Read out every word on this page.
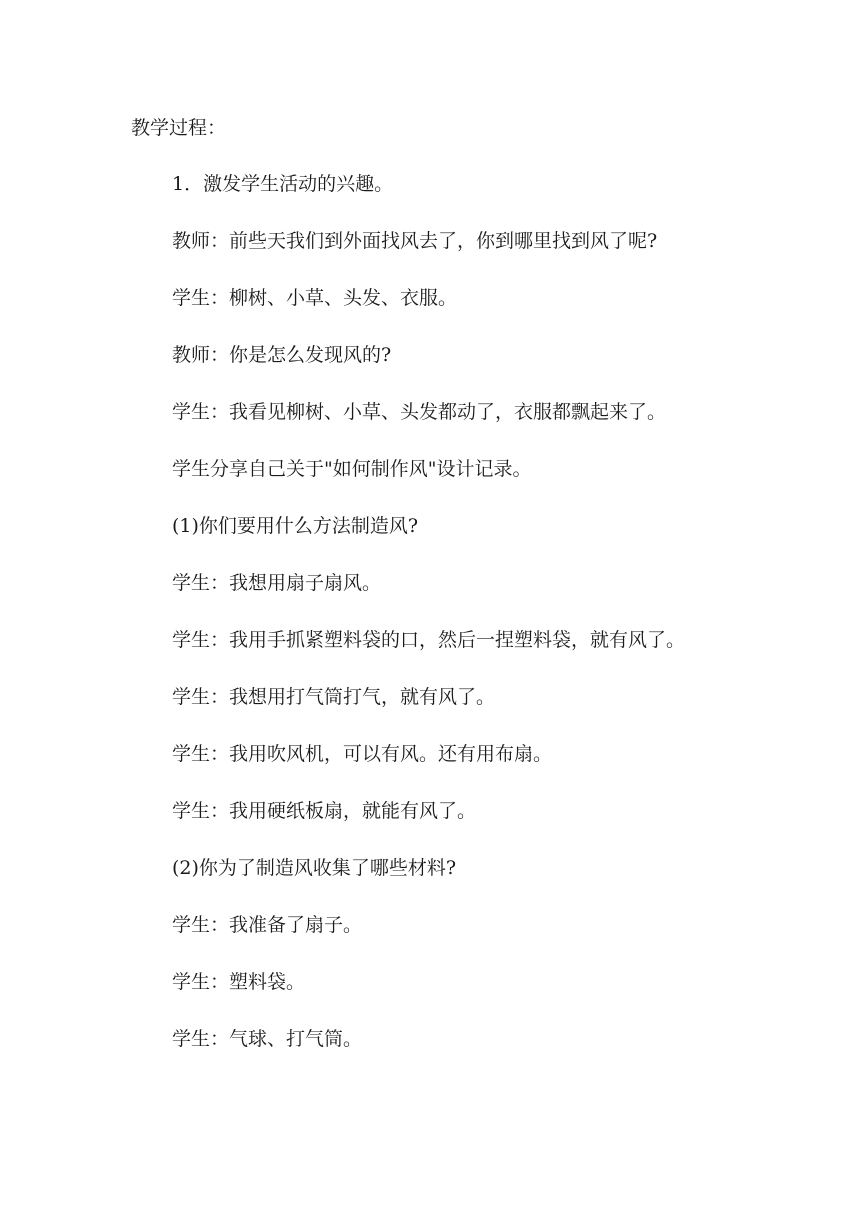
教学过程：
1．激发学生活动的兴趣。
教师：前些天我们到外面找风去了，你到哪里找到风了呢?
学生：柳树、小草、头发、衣服。
教师：你是怎么发现风的?
学生：我看见柳树、小草、头发都动了，衣服都飘起来了。
学生分享自己关于"如何制作风"设计记录。
(1)你们要用什么方法制造风?
学生：我想用扇子扇风。
学生：我用手抓紧塑料袋的口，然后一捏塑料袋，就有风了。
学生：我想用打气筒打气，就有风了。
学生：我用吹风机，可以有风。还有用布扇。
学生：我用硬纸板扇，就能有风了。
(2)你为了制造风收集了哪些材料?
学生：我准备了扇子。
学生：塑料袋。
学生：气球、打气筒。
